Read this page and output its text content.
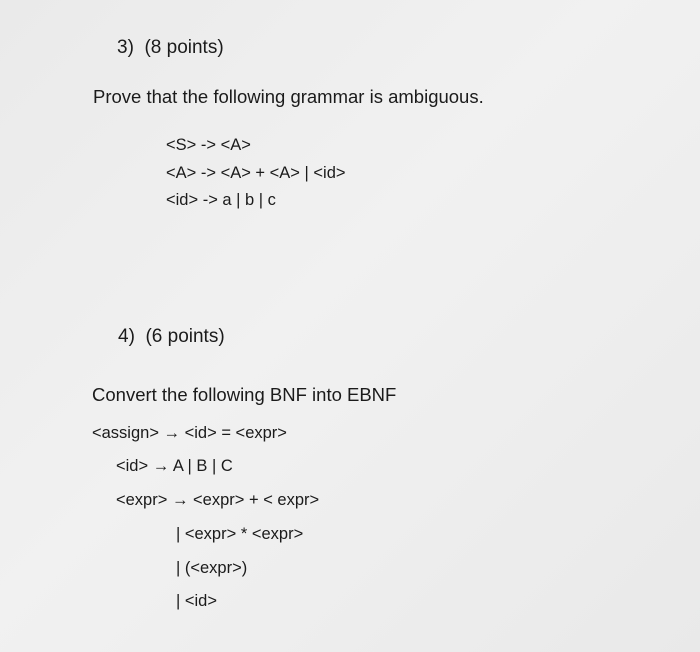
3)  (8 points)
Prove that the following grammar is ambiguous.
<S> -> <A>
<A> -> <A> + <A> | <id>
<id> -> a | b | c
4)  (6 points)
Convert the following BNF into EBNF
<assign> → <id> = <expr>
<id> → A | B | C
<expr> → <expr> + < expr>
| <expr> * <expr>
| (<expr>)
| <id>
